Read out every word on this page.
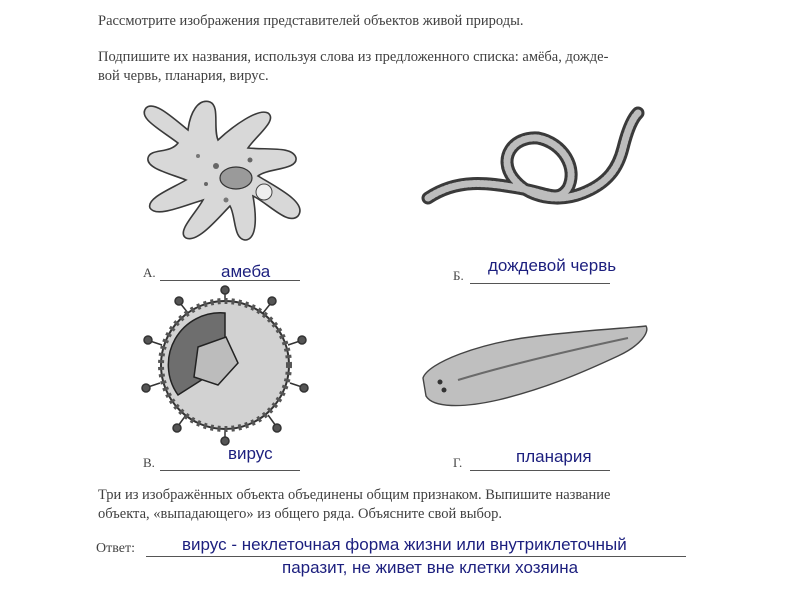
Рассмотрите изображения представителей объектов живой природы.

Подпишите их названия, используя слова из предложенного списка: амёба, дожде-

вой червь, планария, вирус.

А.	амеба	Б.
дождевой червь
В.	вирус	Г.	планария

Три из изображённых объекта объединены общим признаком. Выпишите название

объекта, «выпадающего» из общего ряда. Объясните свой выбор.

Ответ:	вирус - неклеточная форма жизни или внутриклеточный
паразит, не живет вне клетки хозяина
